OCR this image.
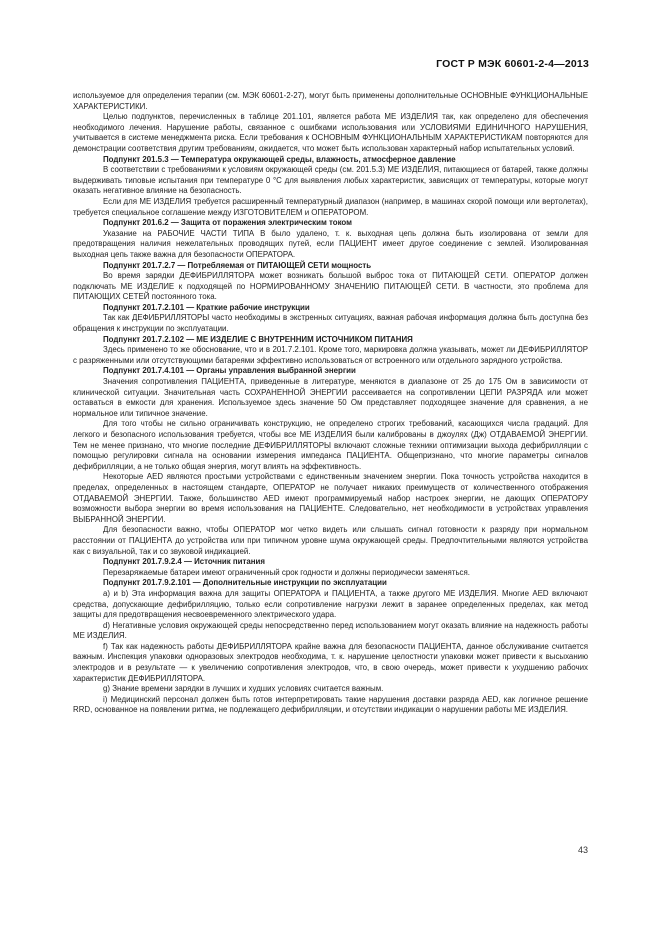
ГОСТ Р МЭК 60601-2-4—2013

используемое для определения терапии (см. МЭК 60601-2-27), могут быть применены дополнительные ОСНОВНЫЕ ФУНКЦИОНАЛЬНЫЕ ХАРАКТЕРИСТИКИ.

Целью подпунктов, перечисленных в таблице 201.101, является работа МЕ ИЗДЕЛИЯ так, как определено для обеспечения необходимого лечения. Нарушение работы, связанное с ошибками использования или УСЛОВИЯМИ ЕДИНИЧНОГО НАРУШЕНИЯ, учитывается в системе менеджмента риска. Если требования к ОСНОВНЫМ ФУНКЦИОНАЛЬНЫМ ХАРАКТЕРИСТИКАМ повторяются для демонстрации соответствия другим требованиям, ожидается, что может быть использован характерный набор испытательных условий.

Подпункт 201.5.3 — Температура окружающей среды, влажность, атмосферное давление

В соответствии с требованиями к условиям окружающей среды (см. 201.5.3) МЕ ИЗДЕЛИЯ, питающиеся от батарей, также должны выдерживать типовые испытания при температуре 0 °C для выявления любых характеристик, зависящих от температуры, которые могут оказать негативное влияние на безопасность.

Если для МЕ ИЗДЕЛИЯ требуется расширенный температурный диапазон (например, в машинах скорой помощи или вертолетах), требуется специальное соглашение между ИЗГОТОВИТЕЛЕМ и ОПЕРАТОРОМ.

Подпункт 201.6.2 — Защита от поражения электрическим током

Указание на РАБОЧИЕ ЧАСТИ ТИПА В было удалено, т. к. выходная цепь должна быть изолирована от земли для предотвращения наличия нежелательных проводящих путей, если ПАЦИЕНТ имеет другое соединение с землей. Изолированная выходная цепь также важна для безопасности ОПЕРАТОРА.

Подпункт 201.7.2.7 — Потребляемая от ПИТАЮЩЕЙ СЕТИ мощность

Во время зарядки ДЕФИБРИЛЛЯТОРА может возникать большой выброс тока от ПИТАЮЩЕЙ СЕТИ. ОПЕРАТОР должен подключать МЕ ИЗДЕЛИЕ к подходящей по НОРМИРОВАННОМУ ЗНАЧЕНИЮ ПИТАЮЩЕЙ СЕТИ. В частности, это проблема для ПИТАЮЩИХ СЕТЕЙ постоянного тока.

Подпункт 201.7.2.101 — Краткие рабочие инструкции

Так как ДЕФИБРИЛЛЯТОРЫ часто необходимы в экстренных ситуациях, важная рабочая информация должна быть доступна без обращения к инструкции по эксплуатации.

Подпункт 201.7.2.102 — МЕ ИЗДЕЛИЕ С ВНУТРЕННИМ ИСТОЧНИКОМ ПИТАНИЯ

Здесь применено то же обоснование, что и в 201.7.2.101. Кроме того, маркировка должна указывать, может ли ДЕФИБРИЛЛЯТОР с разряженными или отсутствующими батареями эффективно использоваться от встроенного или отдельного зарядного устройства.

Подпункт 201.7.4.101 — Органы управления выбранной энергии

Значения сопротивления ПАЦИЕНТА, приведенные в литературе, меняются в диапазоне от 25 до 175 Ом в зависимости от клинической ситуации. Значительная часть СОХРАНЕННОЙ ЭНЕРГИИ рассеивается на сопротивлении ЦЕПИ РАЗРЯДА или может оставаться в емкости для хранения. Используемое здесь значение 50 Ом представляет подходящее значение для сравнения, а не нормальное или типичное значение.

Для того чтобы не сильно ограничивать конструкцию, не определено строгих требований, касающихся числа градаций. Для легкого и безопасного использования требуется, чтобы все МЕ ИЗДЕЛИЯ были калиброваны в джоулях (Дж) ОТДАВАЕМОЙ ЭНЕРГИИ. Тем не менее признано, что многие последние ДЕФИБРИЛЛЯТОРЫ включают сложные техники оптимизации выхода дефибрилляции с помощью регулировки сигнала на основании измерения импеданса ПАЦИЕНТА. Общепризнано, что многие параметры сигналов дефибрилляции, а не только общая энергия, могут влиять на эффективность.

Некоторые AED являются простыми устройствами с единственным значением энергии. Пока точность устройства находится в пределах, определенных в настоящем стандарте, ОПЕРАТОР не получает никаких преимуществ от количественного отображения ОТДАВАЕМОЙ ЭНЕРГИИ. Также, большинство AED имеют программируемый набор настроек энергии, не дающих ОПЕРАТОРУ возможности выбора энергии во время использования на ПАЦИЕНТЕ. Следовательно, нет необходимости в устройствах управления ВЫБРАННОЙ ЭНЕРГИИ.

Для безопасности важно, чтобы ОПЕРАТОР мог четко видеть или слышать сигнал готовности к разряду при нормальном расстоянии от ПАЦИЕНТА до устройства или при типичном уровне шума окружающей среды. Предпочтительными являются устройства как с визуальной, так и со звуковой индикацией.

Подпункт 201.7.9.2.4 — Источник питания

Перезаряжаемые батареи имеют ограниченный срок годности и должны периодически заменяться.

Подпункт 201.7.9.2.101 — Дополнительные инструкции по эксплуатации

а) и b) Эта информация важна для защиты ОПЕРАТОРА и ПАЦИЕНТА, а также другого МЕ ИЗДЕЛИЯ. Многие AED включают средства, допускающие дефибрилляцию, только если сопротивление нагрузки лежит в заранее определенных пределах, как метод защиты для предотвращения несвоевременного электрического удара.

d) Негативные условия окружающей среды непосредственно перед использованием могут оказать влияние на надежность работы МЕ ИЗДЕЛИЯ.

f) Так как надежность работы ДЕФИБРИЛЛЯТОРА крайне важна для безопасности ПАЦИЕНТА, данное обслуживание считается важным. Инспекция упаковки одноразовых электродов необходима, т. к. нарушение целостности упаковки может привести к высыханию электродов и в результате — к увеличению сопротивления электродов, что, в свою очередь, может привести к ухудшению рабочих характеристик ДЕФИБРИЛЛЯТОРА.

g) Знание времени зарядки в лучших и худших условиях считается важным.

i) Медицинский персонал должен быть готов интерпретировать такие нарушения доставки разряда AED, как логичное решение RRD, основанное на появлении ритма, не подлежащего дефибрилляции, и отсутствии индикации о нарушении работы МЕ ИЗДЕЛИЯ.

43
